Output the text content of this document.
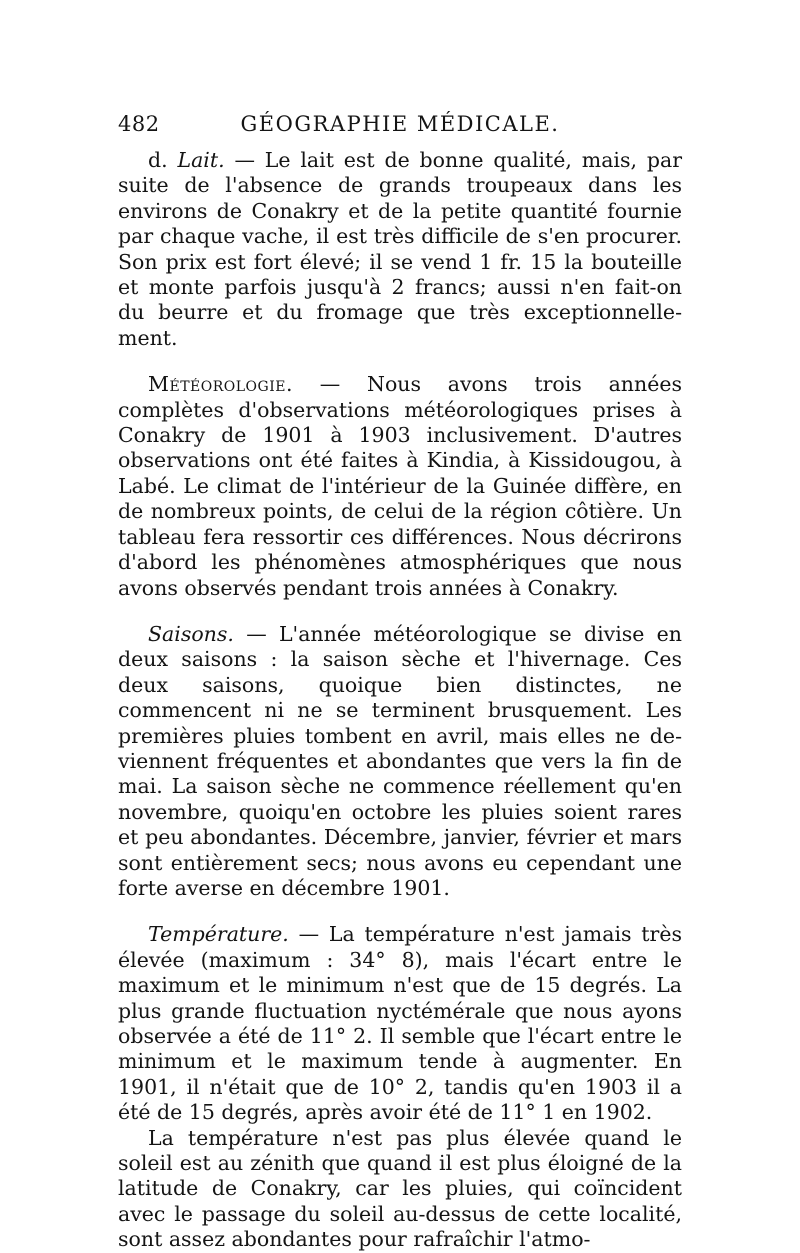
482	GÉOGRAPHIE MÉDICALE.

d. Lait. — Le lait est de bonne qualité, mais, par suite de l'absence de grands troupeaux dans les environs de Conakry et de la petite quantité fournie par chaque vache, il est très difficile de s'en procurer. Son prix est fort élevé; il se vend 1 fr. 15 la bouteille et monte parfois jusqu'à 2 francs; aussi n'en fait-on du beurre et du fromage que très exceptionnellement.

Météorologie. — Nous avons trois années complètes d'observations météorologiques prises à Conakry de 1901 à 1903 inclusivement. D'autres observations ont été faites à Kindia, à Kissidougou, à Labé. Le climat de l'intérieur de la Guinée diffère, en de nombreux points, de celui de la région côtière. Un tableau fera ressortir ces différences. Nous décrirons d'abord les phénomènes atmosphériques que nous avons observés pendant trois années à Conakry.

Saisons. — L'année météorologique se divise en deux saisons : la saison sèche et l'hivernage. Ces deux saisons, quoique bien distinctes, ne commencent ni ne se terminent brusquement. Les premières pluies tombent en avril, mais elles ne deviennent fréquentes et abondantes que vers la fin de mai. La saison sèche ne commence réellement qu'en novembre, quoiqu'en octobre les pluies soient rares et peu abondantes. Décembre, janvier, février et mars sont entièrement secs; nous avons eu cependant une forte averse en décembre 1901.

Température. — La température n'est jamais très élevée (maximum : 34° 8), mais l'écart entre le maximum et le minimum n'est que de 15 degrés. La plus grande fluctuation nyctémérale que nous ayons observée a été de 11° 2. Il semble que l'écart entre le minimum et le maximum tende à augmenter. En 1901, il n'était que de 10° 2, tandis qu'en 1903 il a été de 15 degrés, après avoir été de 11° 1 en 1902.

La température n'est pas plus élevée quand le soleil est au zénith que quand il est plus éloigné de la latitude de Conakry, car les pluies, qui coïncident avec le passage du soleil au-dessus de cette localité, sont assez abondantes pour rafraîchir l'atmo-
